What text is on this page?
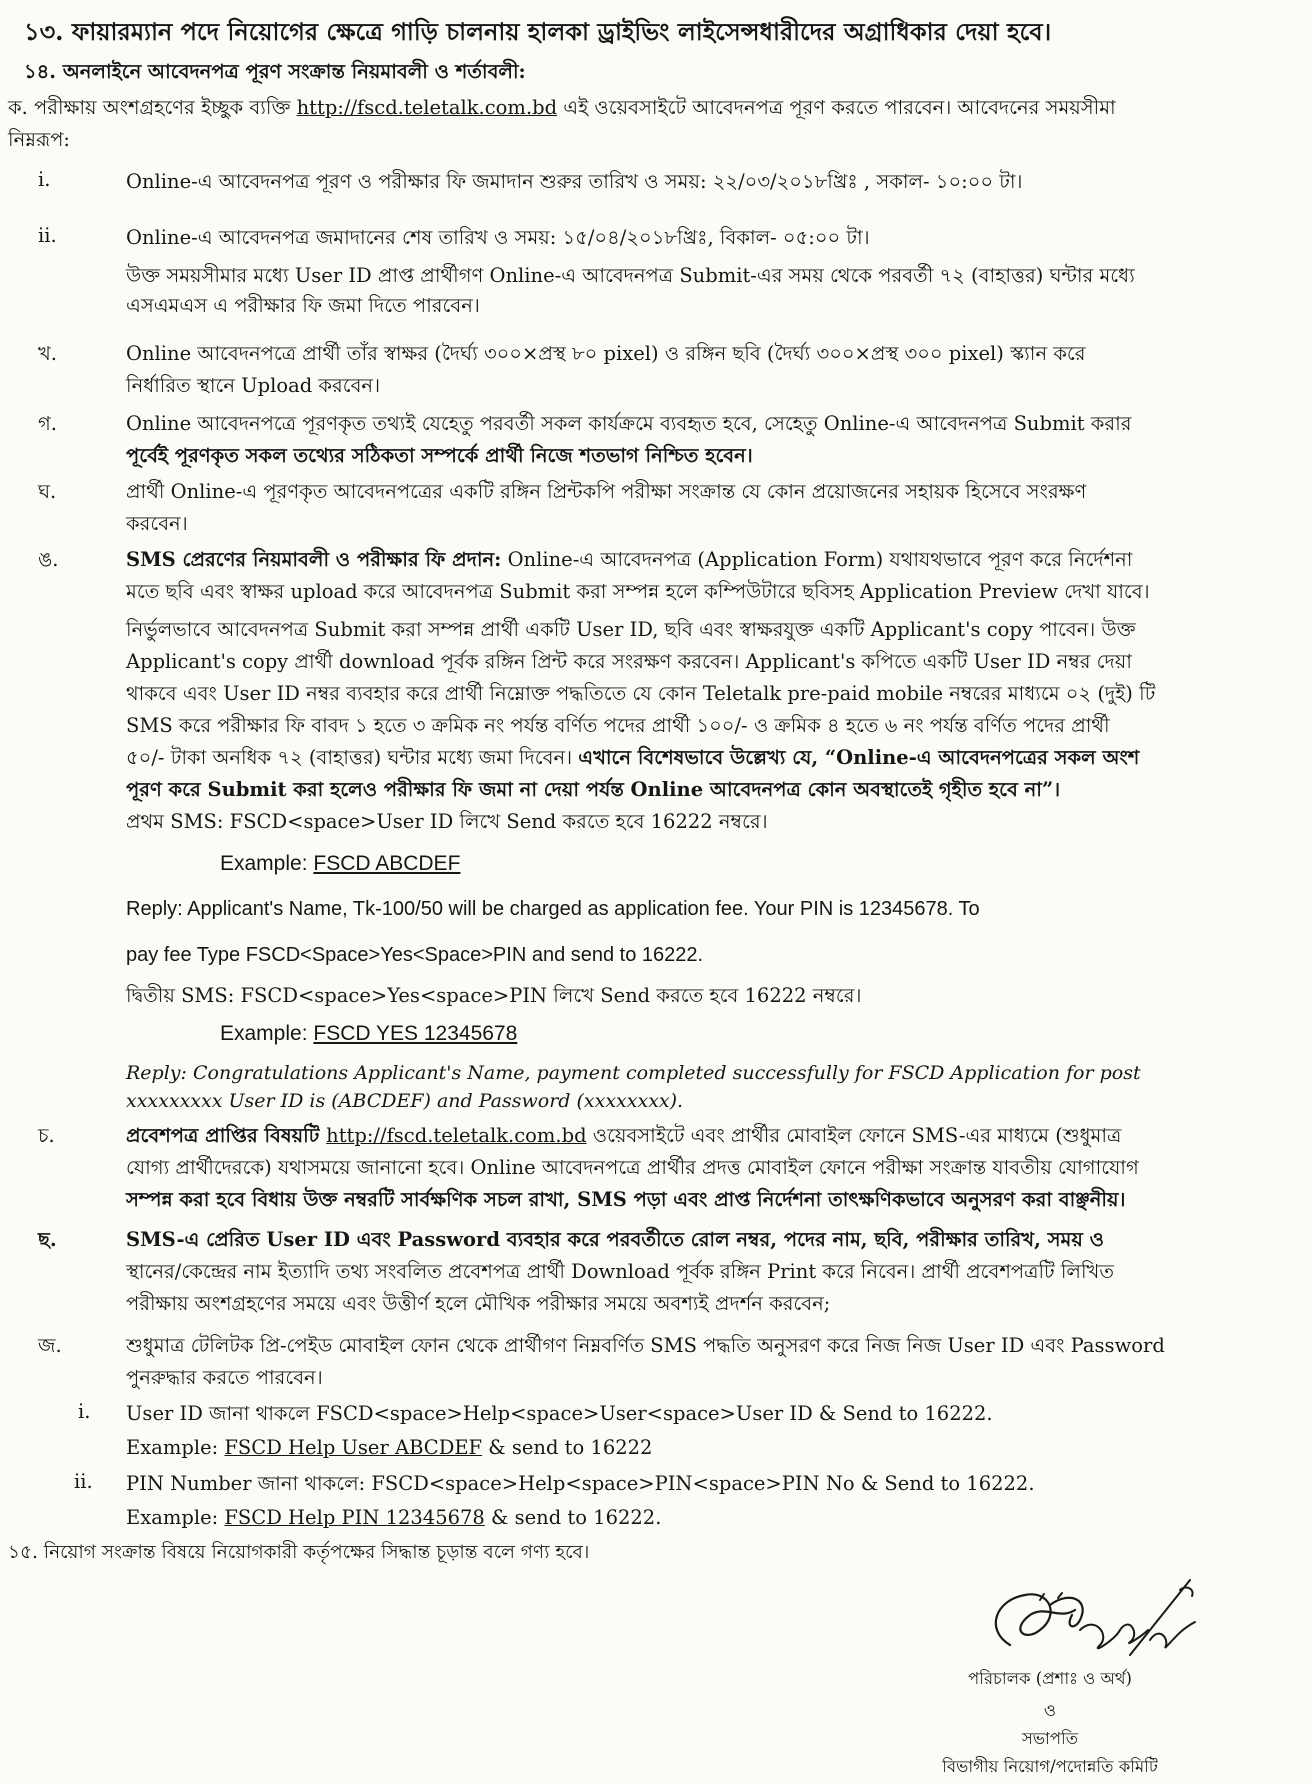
১৩. ফায়ারম্যান পদে নিয়োগের ক্ষেত্রে গাড়ি চালনায় হালকা ড্রাইভিং লাইসেন্সধারীদের অগ্রাধিকার দেয়া হবে।
১৪. অনলাইনে আবেদনপত্র পূরণ সংক্রান্ত নিয়মাবলী ও শর্তাবলী:
ক. পরীক্ষায় অংশগ্রহণের ইচ্ছুক ব্যক্তি http://fscd.teletalk.com.bd এই ওয়েবসাইটে আবেদনপত্র পূরণ করতে পারবেন। আবেদনের সময়সীমা
নিম্নরূপ:
i.	Online-এ আবেদনপত্র পূরণ ও পরীক্ষার ফি জমাদান শুরুর তারিখ ও সময়: ২২/০৩/২০১৮খ্রিঃ , সকাল- ১০:০০ টা।
ii.	Online-এ আবেদনপত্র জমাদানের শেষ তারিখ ও সময়: ১৫/০৪/২০১৮খ্রিঃ, বিকাল- ০৫:০০ টা।
উক্ত সময়সীমার মধ্যে User ID প্রাপ্ত প্রার্থীগণ Online-এ আবেদনপত্র Submit-এর সময় থেকে পরবর্তী ৭২ (বাহাত্তর) ঘন্টার মধ্যে
এসএমএস এ পরীক্ষার ফি জমা দিতে পারবেন।
খ.	Online আবেদনপত্রে প্রার্থী তাঁর স্বাক্ষর (দৈর্ঘ্য ৩০০×প্রস্থ ৮০ pixel) ও রঙ্গিন ছবি (দৈর্ঘ্য ৩০০×প্রস্থ ৩০০ pixel) স্ক্যান করে
নির্ধারিত স্থানে Upload করবেন।
গ.	Online আবেদনপত্রে পূরণকৃত তথ্যই যেহেতু পরবর্তী সকল কার্যক্রমে ব্যবহৃত হবে, সেহেতু Online-এ আবেদনপত্র Submit করার
পূর্বেই পূরণকৃত সকল তথ্যের সঠিকতা সম্পর্কে প্রার্থী নিজে শতভাগ নিশ্চিত হবেন।
ঘ.	প্রার্থী Online-এ পূরণকৃত আবেদনপত্রের একটি রঙ্গিন প্রিন্টকপি পরীক্ষা সংক্রান্ত যে কোন প্রয়োজনের সহায়ক হিসেবে সংরক্ষণ
করবেন।
ঙ.	SMS প্রেরণের নিয়মাবলী ও পরীক্ষার ফি প্রদান: Online-এ আবেদনপত্র (Application Form) যথাযথভাবে পূরণ করে নির্দেশনা
মতে ছবি এবং স্বাক্ষর upload করে আবেদনপত্র Submit করা সম্পন্ন হলে কম্পিউটারে ছবিসহ Application Preview দেখা যাবে।
নির্ভুলভাবে আবেদনপত্র Submit করা সম্পন্ন প্রার্থী একটি User ID, ছবি এবং স্বাক্ষরযুক্ত একটি Applicant's copy পাবেন। উক্ত
Applicant's copy প্রার্থী download পূর্বক রঙ্গিন প্রিন্ট করে সংরক্ষণ করবেন। Applicant's কপিতে একটি User ID নম্বর দেয়া
থাকবে এবং User ID নম্বর ব্যবহার করে প্রার্থী নিম্নোক্ত পদ্ধতিতে যে কোন Teletalk pre-paid mobile নম্বরের মাধ্যমে ০২ (দুই) টি
SMS করে পরীক্ষার ফি বাবদ ১ হতে ৩ ক্রমিক নং পর্যন্ত বর্ণিত পদের প্রার্থী ১০০/- ও ক্রমিক ৪ হতে ৬ নং পর্যন্ত বর্ণিত পদের প্রার্থী
৫০/- টাকা অনধিক ৭২ (বাহাত্তর) ঘন্টার মধ্যে জমা দিবেন। এখানে বিশেষভাবে উল্লেখ্য যে, “Online-এ আবেদনপত্রের সকল অংশ
পূরণ করে Submit করা হলেও পরীক্ষার ফি জমা না দেয়া পর্যন্ত Online আবেদনপত্র কোন অবস্থাতেই গৃহীত হবে না”।
প্রথম SMS: FSCD<space>User ID লিখে Send করতে হবে 16222 নম্বরে।
Example: FSCD ABCDEF
Reply: Applicant's Name, Tk-100/50 will be charged as application fee. Your PIN is 12345678. To
pay fee Type FSCD<Space>Yes<Space>PIN and send to 16222.
দ্বিতীয় SMS: FSCD<space>Yes<space>PIN লিখে Send করতে হবে 16222 নম্বরে।
Example: FSCD YES 12345678
Reply: Congratulations Applicant's Name, payment completed successfully for FSCD Application for post
xxxxxxxxx User ID is (ABCDEF) and Password (xxxxxxxx).
চ.	প্রবেশপত্র প্রাপ্তির বিষয়টি http://fscd.teletalk.com.bd ওয়েবসাইটে এবং প্রার্থীর মোবাইল ফোনে SMS-এর মাধ্যমে (শুধুমাত্র
যোগ্য প্রার্থীদেরকে) যথাসময়ে জানানো হবে। Online আবেদনপত্রে প্রার্থীর প্রদত্ত মোবাইল ফোনে পরীক্ষা সংক্রান্ত যাবতীয় যোগাযোগ
সম্পন্ন করা হবে বিধায় উক্ত নম্বরটি সার্বক্ষণিক সচল রাখা, SMS পড়া এবং প্রাপ্ত নির্দেশনা তাৎক্ষণিকভাবে অনুসরণ করা বাঞ্ছনীয়।
ছ.	SMS-এ প্রেরিত User ID এবং Password ব্যবহার করে পরবর্তীতে রোল নম্বর, পদের নাম, ছবি, পরীক্ষার তারিখ, সময় ও
স্থানের/কেন্দ্রের নাম ইত্যাদি তথ্য সংবলিত প্রবেশপত্র প্রার্থী Download পূর্বক রঙ্গিন Print করে নিবেন। প্রার্থী প্রবেশপত্রটি লিখিত
পরীক্ষায় অংশগ্রহণের সময়ে এবং উত্তীর্ণ হলে মৌখিক পরীক্ষার সময়ে অবশ্যই প্রদর্শন করবেন;
জ.	শুধুমাত্র টেলিটক প্রি-পেইড মোবাইল ফোন থেকে প্রার্থীগণ নিম্নবর্ণিত SMS পদ্ধতি অনুসরণ করে নিজ নিজ User ID এবং Password
পুনরুদ্ধার করতে পারবেন।
i. User ID জানা থাকলে FSCD<space>Help<space>User<space>User ID & Send to 16222.
Example: FSCD Help User ABCDEF & send to 16222
ii. PIN Number জানা থাকলে: FSCD<space>Help<space>PIN<space>PIN No & Send to 16222.
Example: FSCD Help PIN 12345678 & send to 16222.
১৫. নিয়োগ সংক্রান্ত বিষয়ে নিয়োগকারী কর্তৃপক্ষের সিদ্ধান্ত চূড়ান্ত বলে গণ্য হবে।
পরিচালক (প্রশাঃ ও অর্থ)
ও
সভাপতি
বিভাগীয় নিয়োগ/পদোন্নতি কমিটি
